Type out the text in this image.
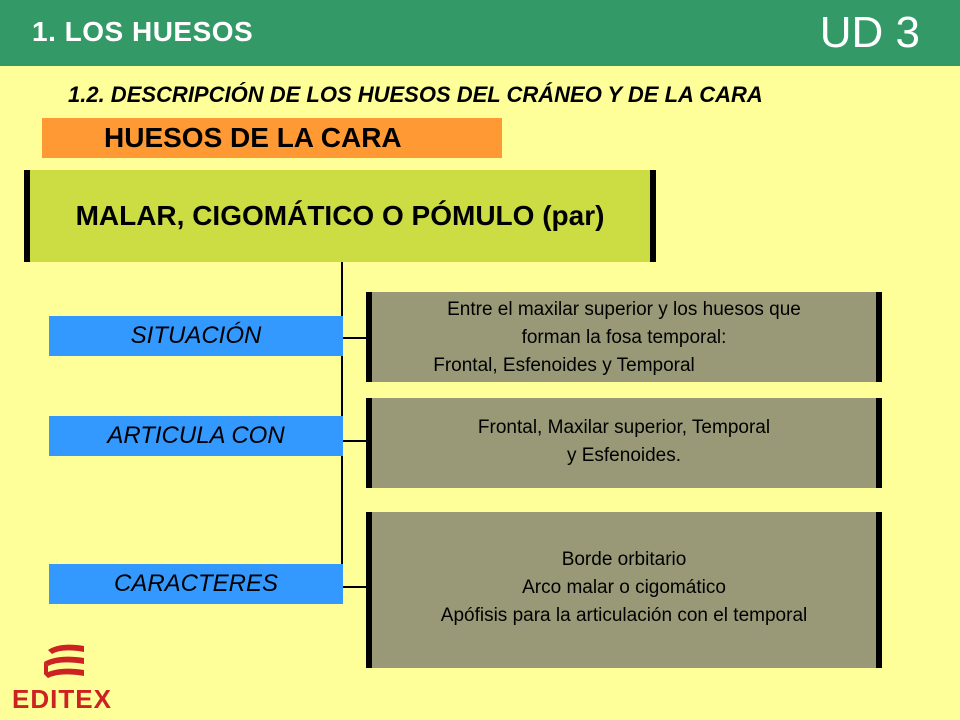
1. LOS HUESOS	UD 3
1.2. DESCRIPCIÓN DE LOS HUESOS DEL CRÁNEO Y DE LA CARA
HUESOS DE LA CARA
MALAR, CIGOMÁTICO O PÓMULO (par)
SITUACIÓN
Entre el maxilar superior y los huesos que
forman la fosa temporal:
Frontal, Esfenoides y Temporal
ARTICULA CON	Frontal, Maxilar superior, Temporal
y Esfenoides.
CARACTERES
Borde orbitario
Arco malar o cigomático
Apófisis para la articulación con el temporal
EDITEX
